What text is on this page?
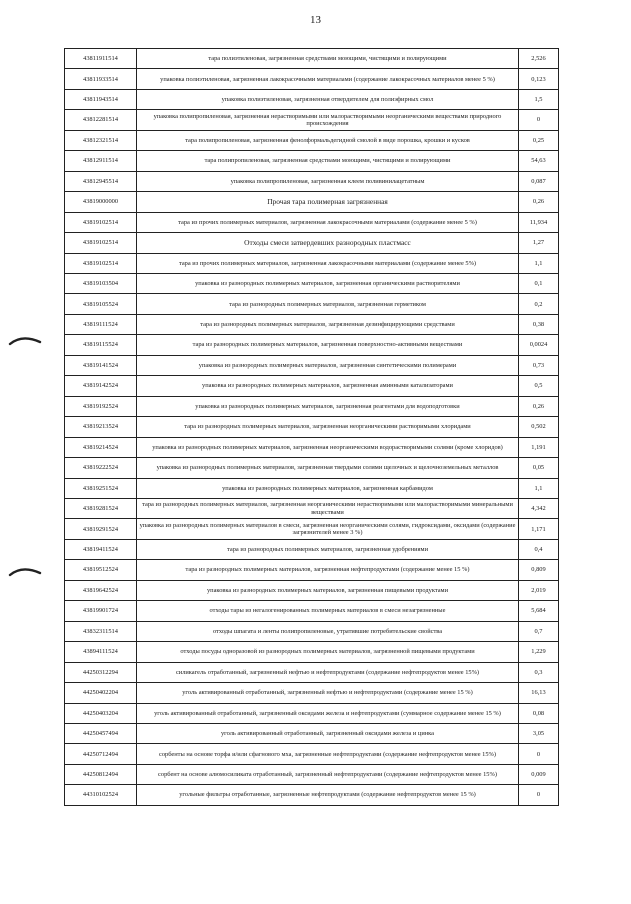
13
43811911514	тара полиэтиленовая, загрязненная средствами моющими, чистящими и полирующими	2,526
43811933514	упаковка полиэтиленовая, загрязненная лакокрасочными материалами (содержание лакокрасочных материалов менее 5 %)	0,123
43811943514	упаковка полиэтиленовая, загрязненная отвердителем для полиэфирных смол	1,5
43812281514	упаковка полипропиленовая, загрязненная нерастворимыми или малорастворимыми неорганическими веществами природного происхождения	0
43812321514	тара полипропиленовая, загрязненная фенолформальдегидной смолой в виде порошка, крошки и кусков	0,25
43812911514	тара полипропиленовая, загрязненная средствами моющими, чистящими и полирующими	54,63
43812945514	упаковка полипропиленовая, загрязненная клеем поливинилацетатным	0,087
43819000000	Прочая тара полимерная загрязненная	0,26
43819102514	тара из прочих полимерных материалов, загрязненная лакокрасочными материалами (содержание менее 5 %)	11,934
43819102514	Отходы смеси затвердевших разнородных пластмасс	1,27
43819102514	тара из прочих полимерных материалов, загрязненная лакокрасочными материалами (содержание менее 5%)	1,1
43819103504	упаковка из разнородных полимерных материалов, загрязненная органическими растворителями	0,1
43819105524	тара из разнородных полимерных материалов, загрязненная герметиком	0,2
43819111524	тара из разнородных полимерных материалов, загрязненная дезинфицирующими средствами	0,38
43819115524	тара из разнородных полимерных материалов, загрязненная поверхностно-активными веществами	0,0024
43819141524	упаковка из разнородных полимерных материалов, загрязненная синтетическими полимерами	0,73
43819142524	упаковка из разнородных полимерных материалов, загрязненная аминными катализаторами	0,5
43819192524	упаковка из разнородных полимерных материалов, загрязненная реагентами для водоподготовки	0,26
43819213524	тара из разнородных полимерных материалов, загрязненная неорганическими растворимыми хлоридами	0,502
43819214524	упаковка из разнородных полимерных материалов, загрязненная неорганическими водорастворимыми солями (кроме хлоридов)	1,191
43819222524	упаковка из разнородных полимерных материалов, загрязненная твердыми солями щелочных и щелочноземельных металлов	0,05
43819251524	упаковка из разнородных полимерных материалов, загрязненная карбамидом	1,1
43819281524	тара из разнородных полимерных материалов, загрязненная неорганическими нерастворимыми или малорастворимыми минеральными веществами	4,342
43819291524	упаковка из разнородных полимерных материалов в смеси, загрязненная неорганическими солями, гидроксидами, оксидами (содержание загрязнителей менее 3 %)	1,171
43819411524	тара из разнородных полимерных материалов, загрязненная удобрениями	0,4
43819512524	тара из разнородных полимерных материалов, загрязненная нефтепродуктами (содержание менее 15 %)	0,809
43819642524	упаковка из разнородных полимерных материалов, загрязненная пищевыми продуктами	2,019
43819901724	отходы тары из негалогенированных полимерных материалов в смеси незагрязненные	5,684
43832311514	отходы шпагата и ленты полипропиленовые, утратившие потребительские свойства	0,7
43894111524	отходы посуды одноразовой из разнородных полимерных материалов, загрязненной пищевыми продуктами	1,229
44250312294	силикагель отработанный, загрязненный нефтью и нефтепродуктами (содержание нефтепродуктов менее 15%)	0,3
44250402204	уголь активированный отработанный, загрязненный нефтью и нефтепродуктами (содержание менее 15 %)	16,13
44250403204	уголь активированный отработанный, загрязненный оксидами железа и нефтепродуктами (суммарное содержание менее 15 %)	0,08
44250457494	уголь активированный отработанный, загрязненный оксидами железа и цинка	3,05
44250712494	сорбенты на основе торфа и/или сфагнового мха, загрязненные нефтепродуктами (содержание нефтепродуктов менее 15%)	0
44250812494	сорбент на основе алюмосиликата отработанный, загрязненный нефтепродуктами (содержание нефтепродуктов менее 15%)	0,009
44310102524	угольные фильтры отработанные, загрязненные нефтепродуктами (содержание нефтепродуктов менее 15 %)	0
